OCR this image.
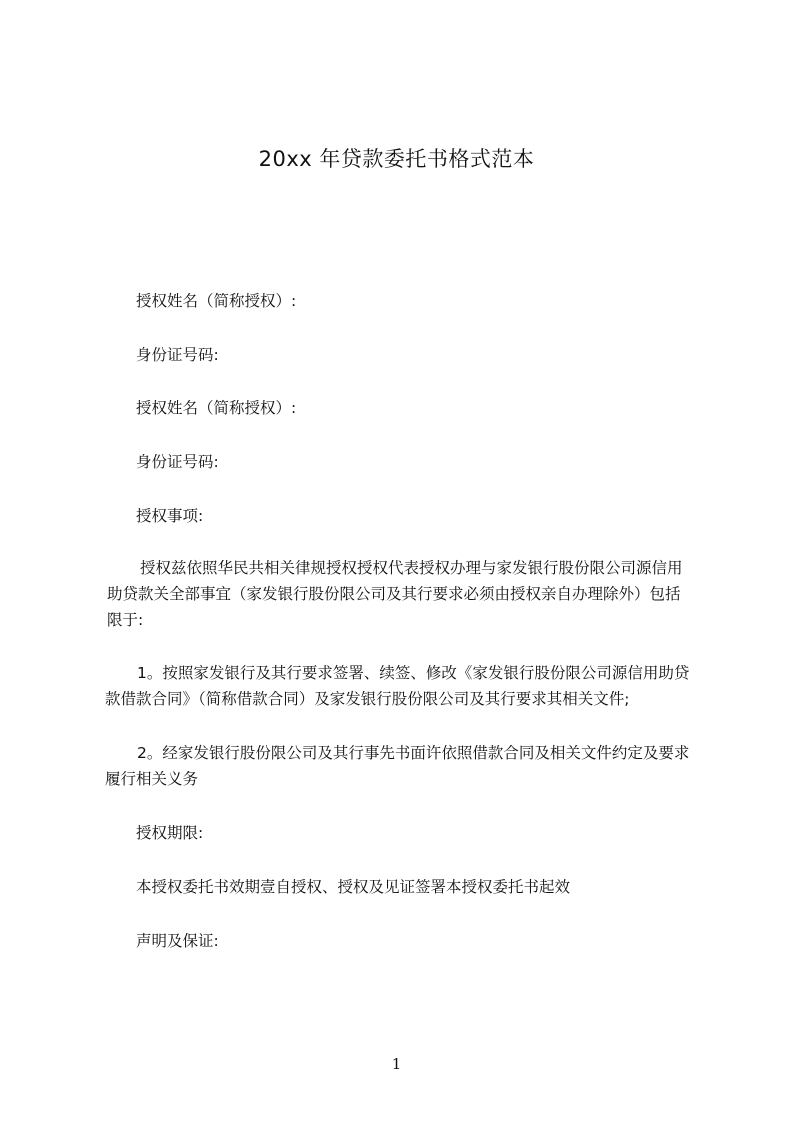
20xx 年贷款委托书格式范本
授权姓名（简称授权）:
身份证号码:
授权姓名（简称授权）:
身份证号码:
授权事项:
授权兹依照华民共相关律规授权授权代表授权办理与家发银行股份限公司源信用
助贷款关全部事宜（家发银行股份限公司及其行要求必须由授权亲自办理除外）包括
限于:
1。按照家发银行及其行要求签署、续签、修改《家发银行股份限公司源信用助贷
款借款合同》（简称借款合同）及家发银行股份限公司及其行要求其相关文件;
2。经家发银行股份限公司及其行事先书面许依照借款合同及相关文件约定及要求
履行相关义务
授权期限:
本授权委托书效期壹自授权、授权及见证签署本授权委托书起效
声明及保证:
1
